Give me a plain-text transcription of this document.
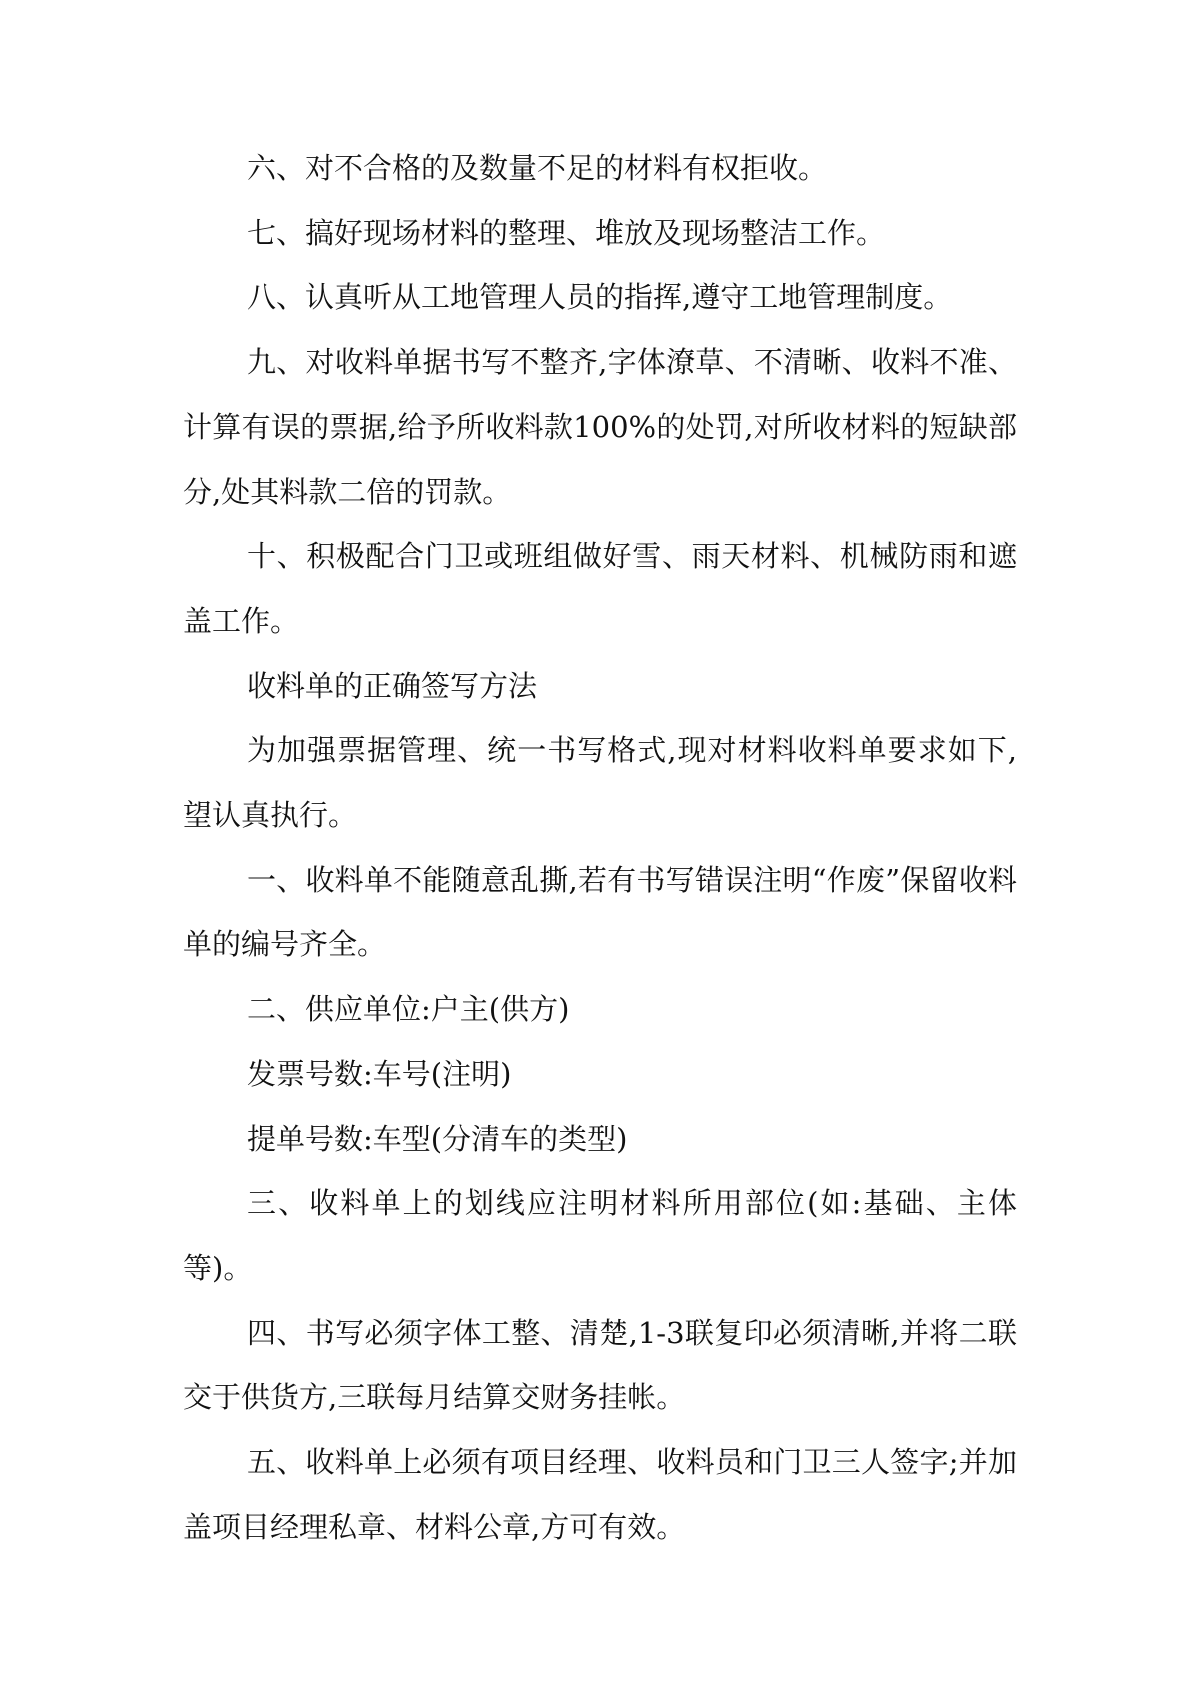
六、对不合格的及数量不足的材料有权拒收。

七、搞好现场材料的整理、堆放及现场整洁工作。

八、认真听从工地管理人员的指挥,遵守工地管理制度。

九、对收料单据书写不整齐,字体潦草、不清晰、收料不准、计算有误的票据,给予所收料款100%的处罚,对所收材料的短缺部分,处其料款二倍的罚款。

十、积极配合门卫或班组做好雪、雨天材料、机械防雨和遮盖工作。

收料单的正确签写方法

为加强票据管理、统一书写格式,现对材料收料单要求如下,望认真执行。

一、收料单不能随意乱撕,若有书写错误注明“作废”保留收料单的编号齐全。

二、供应单位:户主(供方)

发票号数:车号(注明)

提单号数:车型(分清车的类型)

三、收料单上的划线应注明材料所用部位(如:基础、主体等)。

四、书写必须字体工整、清楚,1-3联复印必须清晰,并将二联交于供货方,三联每月结算交财务挂帐。

五、收料单上必须有项目经理、收料员和门卫三人签字;并加盖项目经理私章、材料公章,方可有效。
